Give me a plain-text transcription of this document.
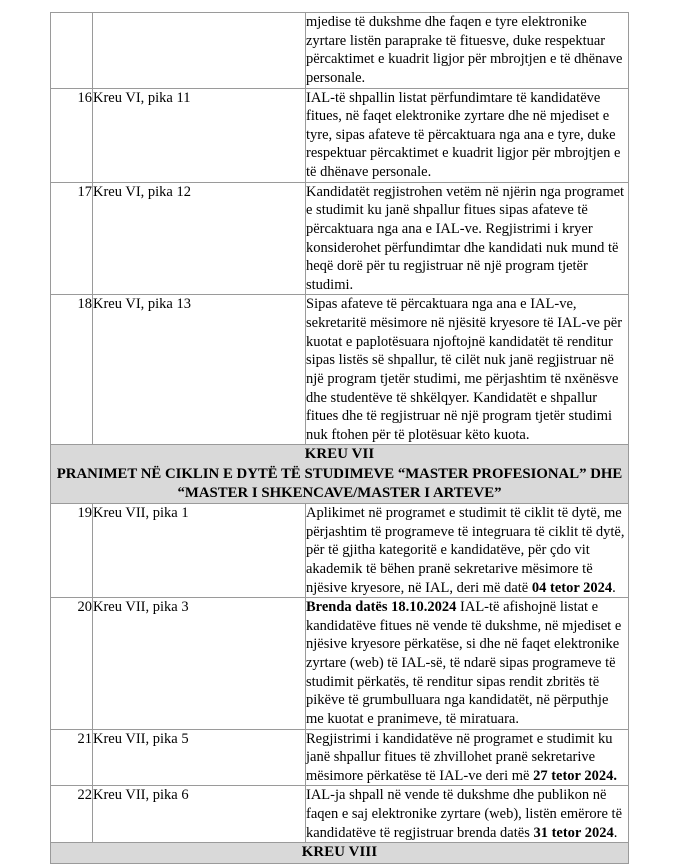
		mjedise të dukshme dhe faqen e tyre elektronike zyrtare listën paraprake të fituesve, duke respektuar përcaktimet e kuadrit ligjor për mbrojtjen e të dhënave personale.

16	Kreu VI, pika 11	IAL-të shpallin listat përfundimtare të kandidatëve fitues, në faqet elektronike zyrtare dhe në mjediset e tyre, sipas afateve të përcaktuara nga ana e tyre, duke respektuar përcaktimet e kuadrit ligjor për mbrojtjen e të dhënave personale.

17	Kreu VI, pika 12	Kandidatët regjistrohen vetëm në njërin nga programet e studimit ku janë shpallur fitues sipas afateve të përcaktuara nga ana e IAL-ve. Regjistrimi i kryer konsiderohet përfundimtar dhe kandidati nuk mund të heqë dorë për tu regjistruar në një program tjetër studimi.

18	Kreu VI, pika 13	Sipas afateve të përcaktuara nga ana e IAL-ve, sekretaritë mësimore në njësitë kryesore të IAL-ve për kuotat e paplotësuara njoftojnë kandidatët të renditur sipas listës së shpallur, të cilët nuk janë regjistruar në një program tjetër studimi, me përjashtim të nxënësve dhe studentëve të shkëlqyer. Kandidatët e shpallur fitues dhe të regjistruar në një program tjetër studimi nuk ftohen për të plotësuar këto kuota.

KREU VII
PRANIMET NË CIKLIN E DYTË TË STUDIMEVE “MASTER PROFESIONAL” DHE
“MASTER I SHKENCAVE/MASTER I ARTEVE”		

19	Kreu VII, pika 1	Aplikimet në programet e studimit të ciklit të dytë, me përjashtim të programeve të integruara të ciklit të dytë, për të gjitha kategoritë e kandidatëve, për çdo vit akademik të bëhen pranë sekretarive mësimore të njësive kryesore, në IAL, deri më datë 04 tetor 2024.

20	Kreu VII, pika 3	Brenda datës 18.10.2024 IAL-të afishojnë listat e kandidatëve fitues në vende të dukshme, në mjediset e njësive kryesore përkatëse, si dhe në faqet elektronike zyrtare (web) të IAL-së, të ndarë sipas programeve të studimit përkatës, të renditur sipas rendit zbritës të pikëve të grumbulluara nga kandidatët, në përputhje me kuotat e pranimeve, të miratuara.

21	Kreu VII, pika 5	Regjistrimi i kandidatëve në programet e studimit ku janë shpallur fitues të zhvillohet pranë sekretarive mësimore përkatëse të IAL-ve deri më 27 tetor 2024.

22	Kreu VII, pika 6	IAL-ja shpall në vende të dukshme dhe publikon në faqen e saj elektronike zyrtare (web), listën emërore të kandidatëve të regjistruar brenda datës 31 tetor 2024.

KREU VIII		
